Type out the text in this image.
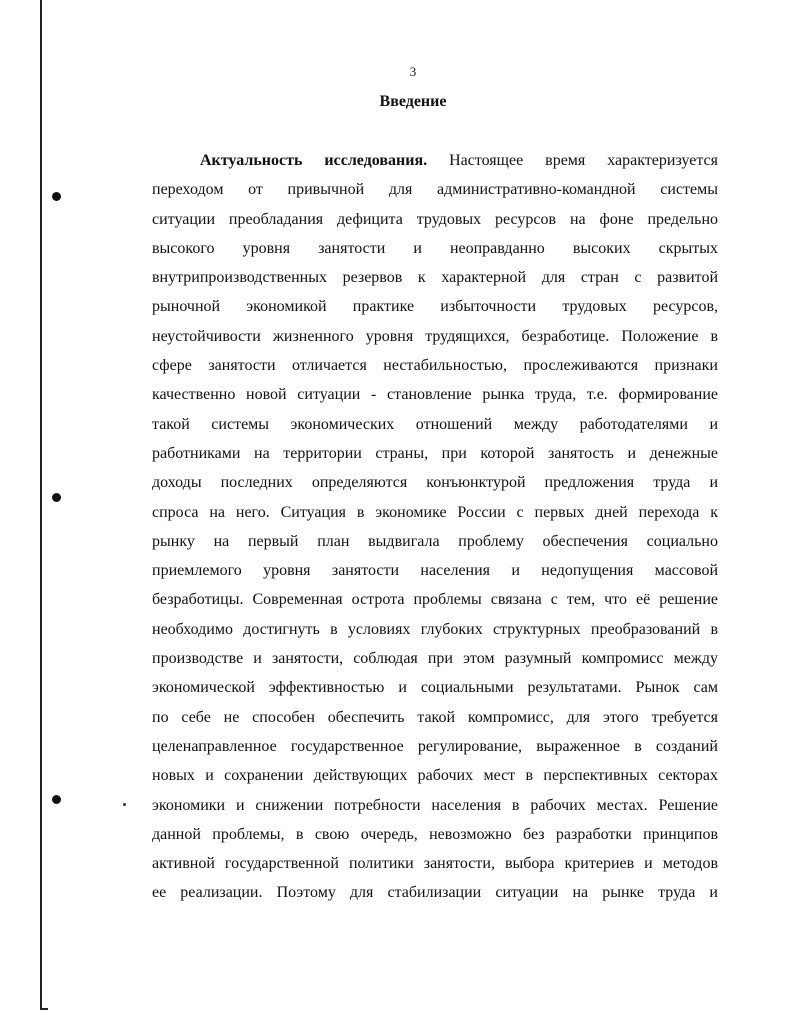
3
Введение
Актуальность исследования. Настоящее время характеризуется
переходом от привычной для административно-командной системы
ситуации преобладания дефицита трудовых ресурсов на фоне предельно
высокого уровня занятости и неоправданно высоких скрытых
внутрипроизводственных резервов к характерной для стран с развитой
рыночной экономикой практике избыточности трудовых ресурсов,
неустойчивости жизненного уровня трудящихся, безработице. Положение в
сфере занятости отличается нестабильностью, прослеживаются признаки
качественно новой ситуации - становление рынка труда, т.е. формирование
такой системы экономических отношений между работодателями и
работниками на территории страны, при которой занятость и денежные
доходы последних определяются конъюнктурой предложения труда и
спроса на него. Ситуация в экономике России с первых дней перехода к
рынку на первый план выдвигала проблему обеспечения социально
приемлемого уровня занятости населения и недопущения массовой
безработицы. Современная острота проблемы связана с тем, что её решение
необходимо достигнуть в условиях глубоких структурных преобразований в
производстве и занятости, соблюдая при этом разумный компромисс между
экономической эффективностью и социальными результатами. Рынок сам
по себе не способен обеспечить такой компромисс, для этого требуется
целенаправленное государственное регулирование, выраженное в созданий
новых и сохранении действующих рабочих мест в перспективных секторах
экономики и снижении потребности населения в рабочих местах. Решение
данной проблемы, в свою очередь, невозможно без разработки принципов
активной государственной политики занятости, выбора критериев и методов
ее реализации. Поэтому для стабилизации ситуации на рынке труда и
